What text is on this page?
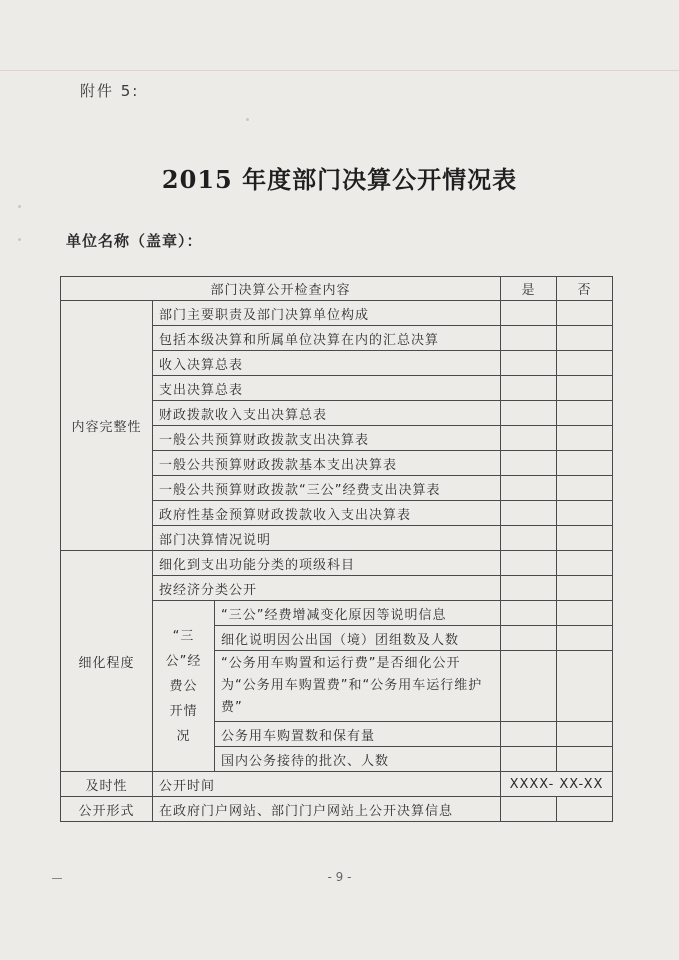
附件 5:
2015 年度部门决算公开情况表
单位名称（盖章）：
部门决算公开检查内容			是	否
内容完整性	部门主要职责及部门决算单位构成			
	包括本级决算和所属单位决算在内的汇总决算			
	收入决算总表			
	支出决算总表			
	财政拨款收入支出决算总表			
	一般公共预算财政拨款支出决算表			
	一般公共预算财政拨款基本支出决算表			
	一般公共预算财政拨款“三公”经费支出决算表			
	政府性基金预算财政拨款收入支出决算表			
	部门决算情况说明			
细化程度	细化到支出功能分类的项级科目			
	按经济分类公开			

	“三公”经费公开情况	“三公”经费增减变化原因等说明信息		
		细化说明因公出国（境）团组数及人数		
		“公务用车购置和运行费”是否细化公开为“公务用车购置费”和“公务用车运行维护费”		
		公务用车购置数和保有量		
		国内公务接待的批次、人数		
及时性	公开时间		XXXX- XX-XX	
公开形式	在政府门户网站、部门门户网站上公开决算信息			
- 9 -
